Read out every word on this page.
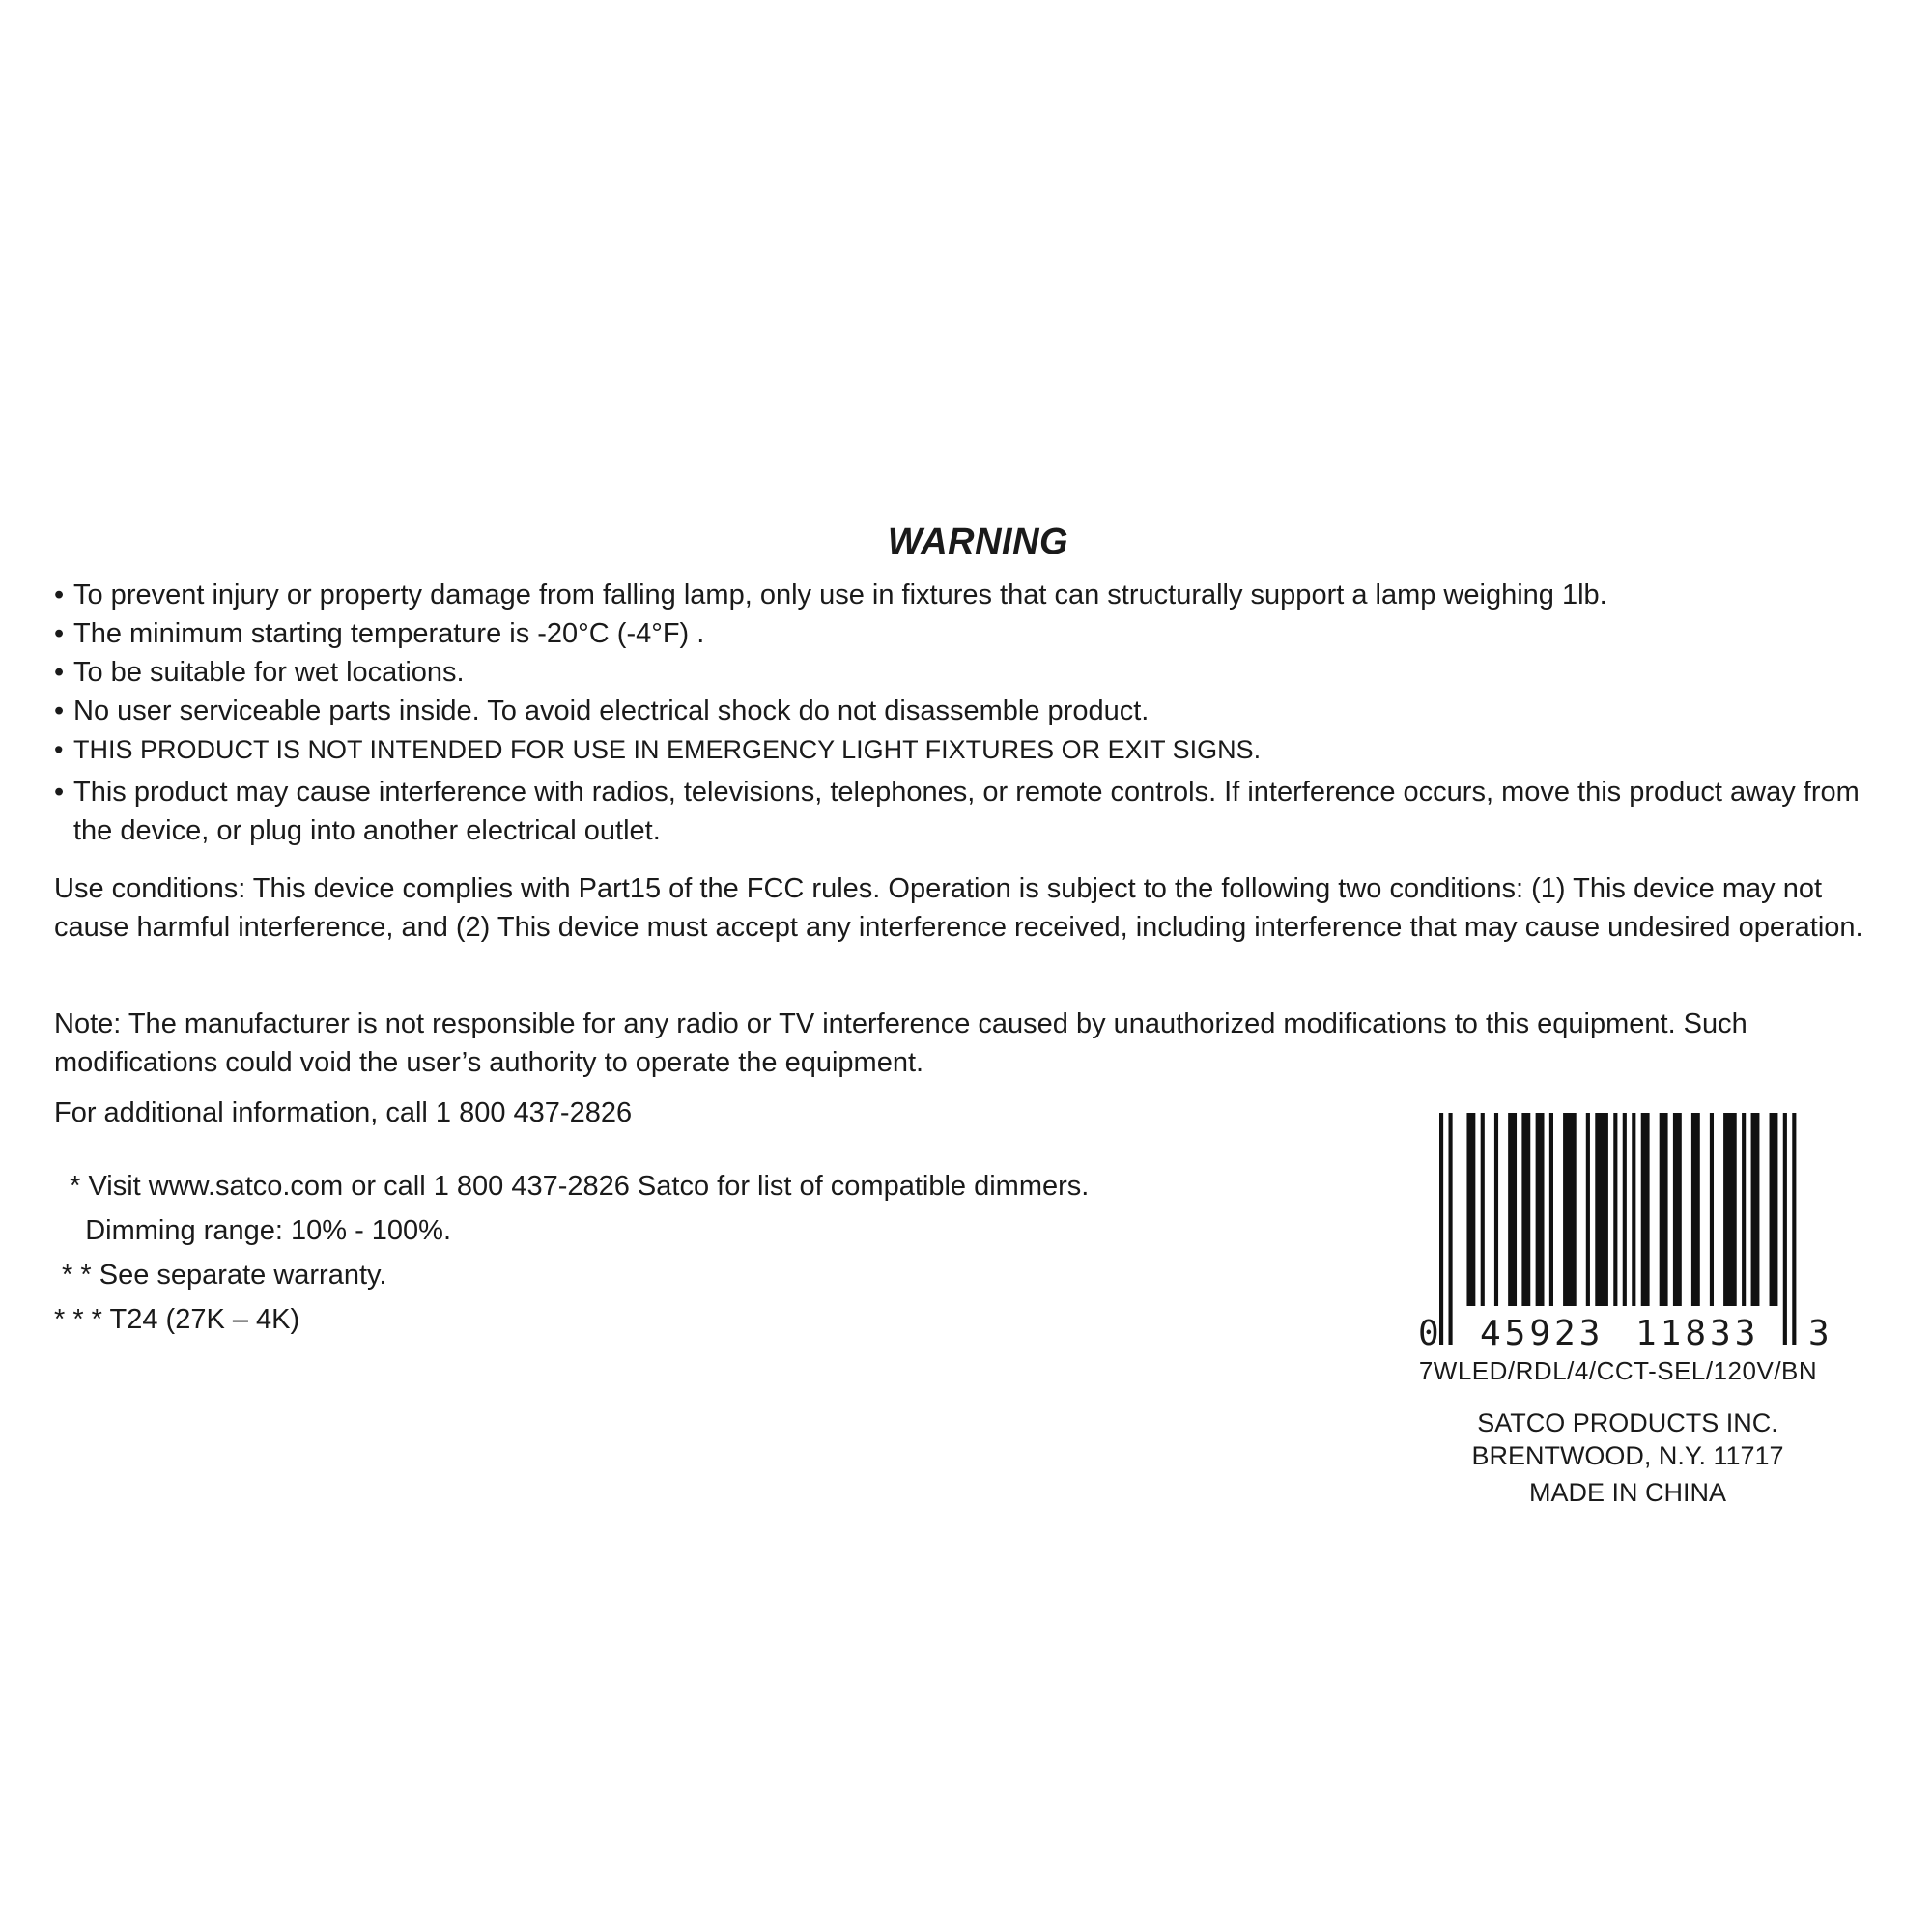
WARNING
• To prevent injury or property damage from falling lamp, only use in fixtures that can structurally support a lamp weighing 1lb.
• The minimum starting temperature is -20°C (-4°F) .
• To be suitable for wet locations.
• No user serviceable parts inside. To avoid electrical shock do not disassemble product.
• THIS PRODUCT IS NOT INTENDED FOR USE IN EMERGENCY LIGHT FIXTURES OR EXIT SIGNS.
• This product may cause interference with radios, televisions, telephones, or remote controls. If interference occurs, move this product away from the device, or plug into another electrical outlet.

Use conditions: This device complies with Part15 of the FCC rules. Operation is subject to the following two conditions: (1) This device may not cause harmful interference, and (2) This device must accept any interference received, including interference that may cause undesired operation.

Note: The manufacturer is not responsible for any radio or TV interference caused by unauthorized modifications to this equipment. Such modifications could void the user’s authority to operate the equipment.

For additional information, call 1 800 437-2826

* Visit www.satco.com or call 1 800 437-2826 Satco for list of compatible dimmers.
Dimming range: 10% - 100%.
* * See separate warranty.
* * * T24 (27K – 4K)	0 45923 11833 3

7WLED/RDL/4/CCT-SEL/120V/BN

SATCO PRODUCTS INC.
BRENTWOOD, N.Y. 11717
MADE IN CHINA
